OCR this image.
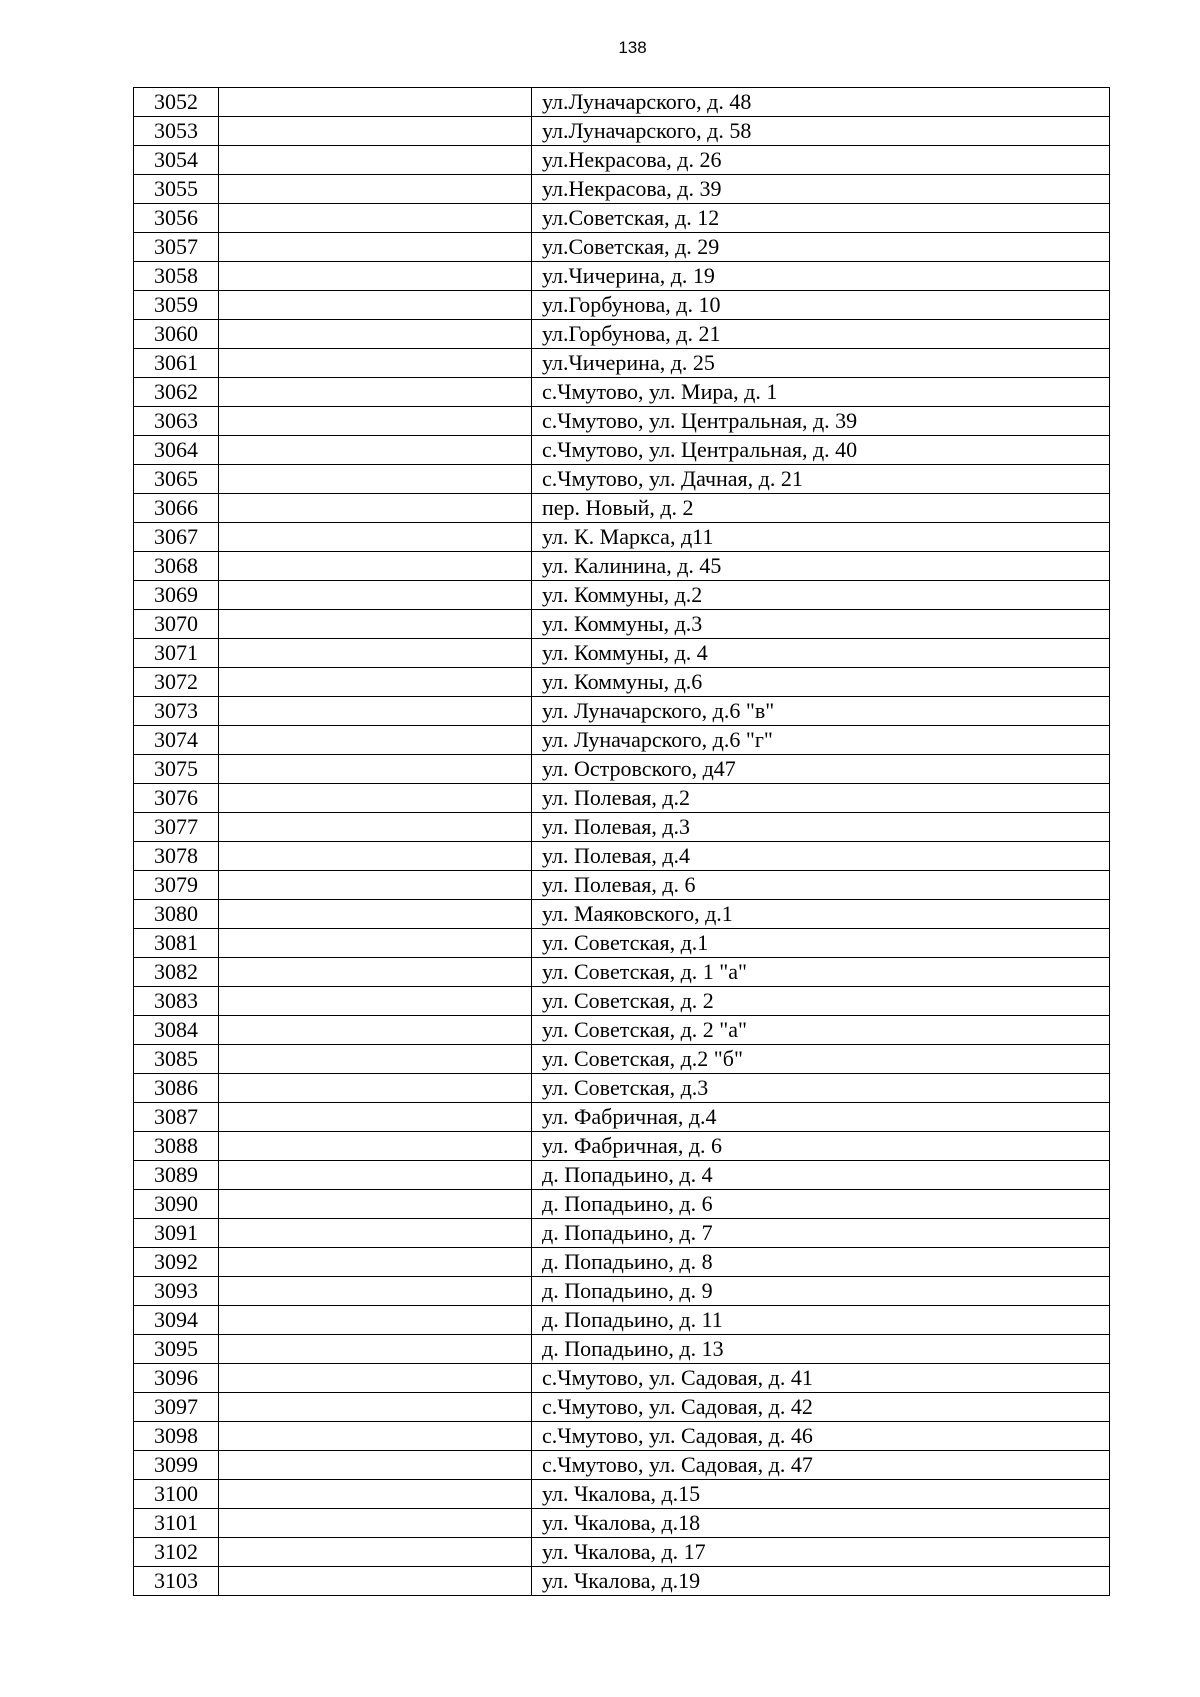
138
3052		ул.Луначарского, д. 48
3053		ул.Луначарского, д. 58
3054		ул.Некрасова, д. 26
3055		ул.Некрасова, д. 39
3056		ул.Советская, д. 12
3057		ул.Советская, д. 29
3058		ул.Чичерина, д. 19
3059		ул.Горбунова, д. 10
3060		ул.Горбунова, д. 21
3061		ул.Чичерина, д. 25
3062		с.Чмутово, ул. Мира, д. 1
3063		с.Чмутово, ул. Центральная, д. 39
3064		с.Чмутово, ул. Центральная, д. 40
3065		с.Чмутово, ул. Дачная, д. 21
3066		пер. Новый, д. 2
3067		ул. К. Маркса, д11
3068		ул. Калинина, д. 45
3069		ул. Коммуны, д.2
3070		ул. Коммуны, д.3
3071		ул. Коммуны, д. 4
3072		ул. Коммуны, д.6
3073		ул. Луначарского, д.6 "в"
3074		ул. Луначарского, д.6 "г"
3075		ул. Островского, д47
3076		ул. Полевая, д.2
3077		ул. Полевая, д.3
3078		ул. Полевая, д.4
3079		ул. Полевая, д. 6
3080		ул. Маяковского, д.1
3081		ул. Советская, д.1
3082		ул. Советская, д. 1 "а"
3083		ул. Советская, д. 2
3084		ул. Советская, д. 2 "а"
3085		ул. Советская, д.2 "б"
3086		ул. Советская, д.3
3087		ул. Фабричная, д.4
3088		ул. Фабричная, д. 6
3089		д. Попадьино, д. 4
3090		д. Попадьино, д. 6
3091		д. Попадьино, д. 7
3092		д. Попадьино, д. 8
3093		д. Попадьино, д. 9
3094		д. Попадьино, д. 11
3095		д. Попадьино, д. 13
3096		с.Чмутово, ул. Садовая, д. 41
3097		с.Чмутово, ул. Садовая, д. 42
3098		с.Чмутово, ул. Садовая, д. 46
3099		с.Чмутово, ул. Садовая, д. 47
3100		ул. Чкалова, д.15
3101		ул. Чкалова, д.18
3102		ул. Чкалова, д. 17
3103		ул. Чкалова, д.19
